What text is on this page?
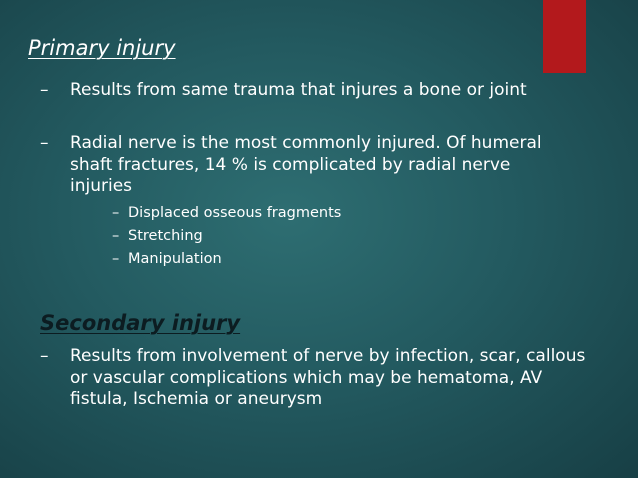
Primary injury
– Results from same trauma that injures a bone or joint
– Radial nerve is the most commonly injured. Of humeral shaft fractures, 14 % is complicated by radial nerve injuries
– Displaced osseous fragments
– Stretching
– Manipulation
Secondary injury
– Results from involvement of nerve by infection, scar, callous or vascular complications which may be hematoma, AV fistula, Ischemia or aneurysm
